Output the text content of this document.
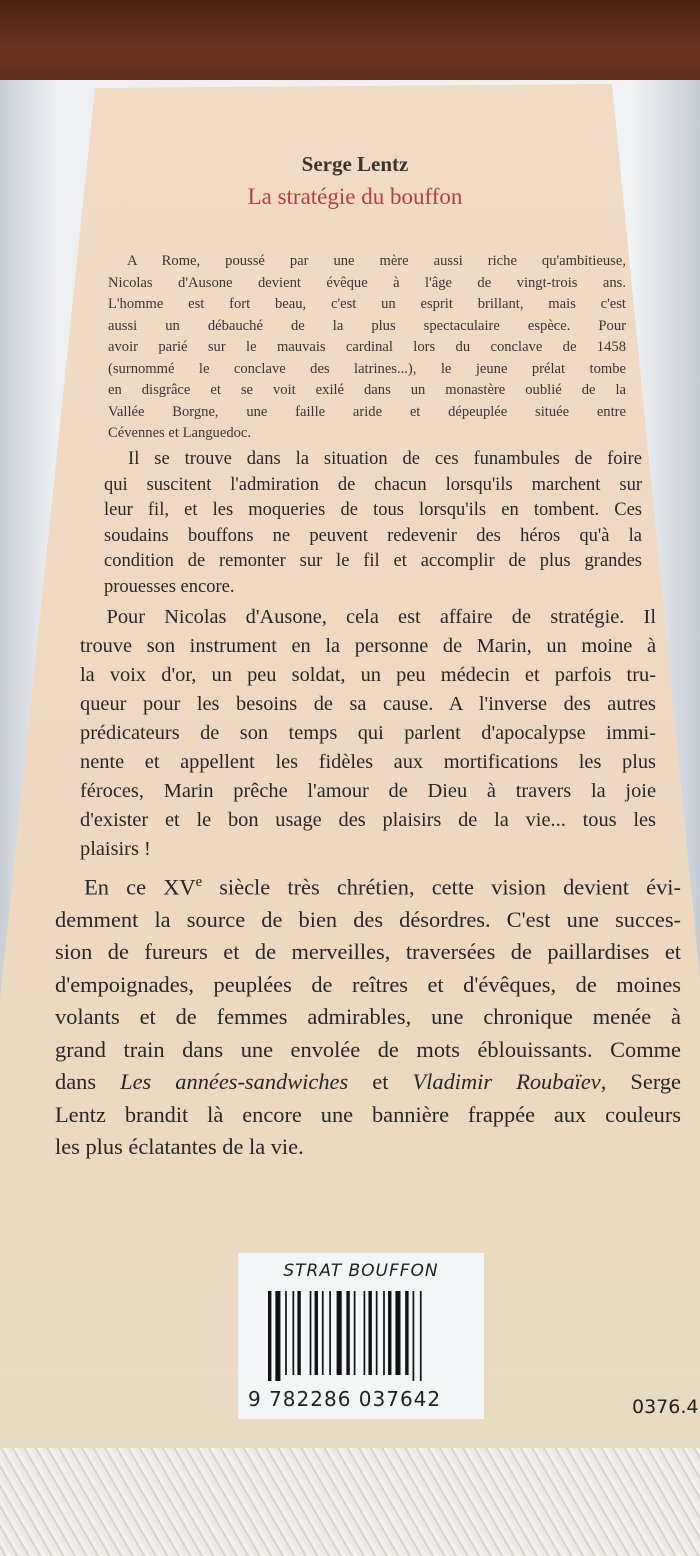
Serge Lentz
La stratégie du bouffon
A Rome, poussé par une mère aussi riche qu'ambitieuse,
Nicolas d'Ausone devient évêque à l'âge de vingt-trois ans.
L'homme est fort beau, c'est un esprit brillant, mais c'est
aussi un débauché de la plus spectaculaire espèce. Pour
avoir parié sur le mauvais cardinal lors du conclave de 1458
(surnommé le conclave des latrines...), le jeune prélat tombe
en disgrâce et se voit exilé dans un monastère oublié de la
Vallée Borgne, une faille aride et dépeuplée située entre
Cévennes et Languedoc.
Il se trouve dans la situation de ces funambules de foire
qui suscitent l'admiration de chacun lorsqu'ils marchent sur
leur fil, et les moqueries de tous lorsqu'ils en tombent. Ces
soudains bouffons ne peuvent redevenir des héros qu'à la
condition de remonter sur le fil et accomplir de plus grandes
prouesses encore.
Pour Nicolas d'Ausone, cela est affaire de stratégie. Il
trouve son instrument en la personne de Marin, un moine à
la voix d'or, un peu soldat, un peu médecin et parfois tru-
queur pour les besoins de sa cause. A l'inverse des autres
prédicateurs de son temps qui parlent d'apocalypse immi-
nente et appellent les fidèles aux mortifications les plus
féroces, Marin prêche l'amour de Dieu à travers la joie
d'exister et le bon usage des plaisirs de la vie... tous les
plaisirs !
En ce XVe siècle très chrétien, cette vision devient évi-
demment la source de bien des désordres. C'est une succes-
sion de fureurs et de merveilles, traversées de paillardises et
d'empoignades, peuplées de reîtres et d'évêques, de moines
volants et de femmes admirables, une chronique menée à
grand train dans une envolée de mots éblouissants. Comme
dans Les années-sandwiches et Vladimir Roubaïev, Serge
Lentz brandit là encore une bannière frappée aux couleurs
les plus éclatantes de la vie.
STRAT BOUFFON
9 782286 037642	0376.4
